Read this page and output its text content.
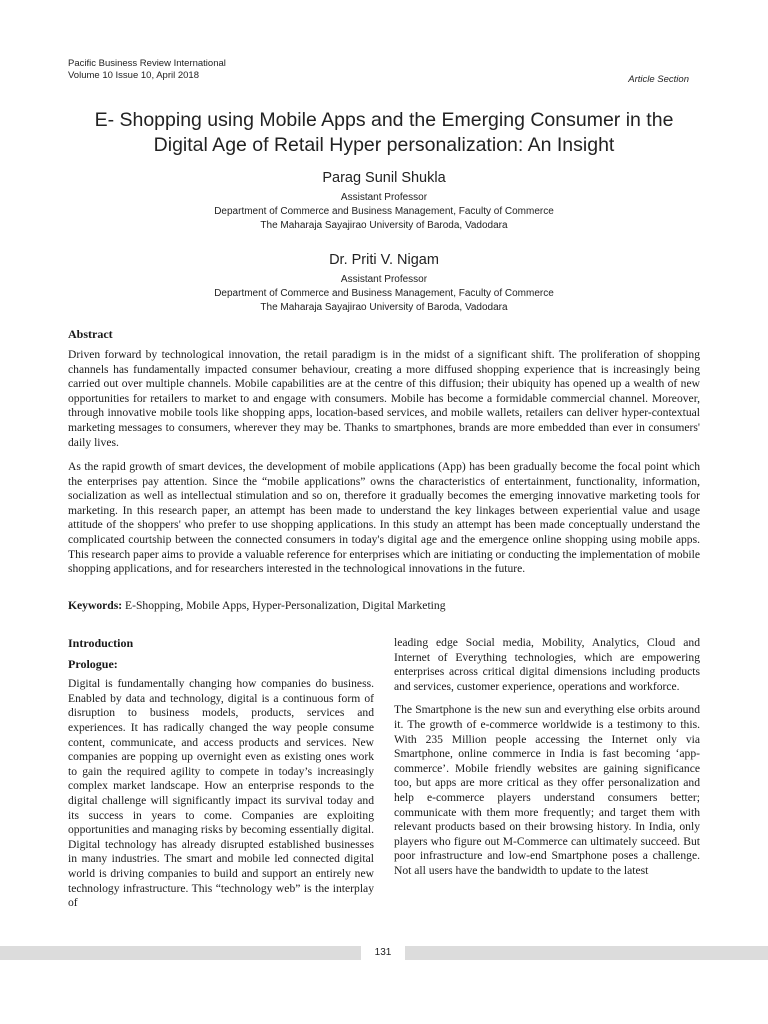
Pacific Business Review International
Volume 10 Issue 10, April 2018	Article Section
E- Shopping using Mobile Apps and the Emerging Consumer in the
Digital Age of Retail Hyper personalization: An Insight
Parag Sunil Shukla
Assistant Professor
Department of Commerce and Business Management, Faculty of Commerce
The Maharaja Sayajirao University of Baroda, Vadodara
Dr. Priti V. Nigam
Assistant Professor
Department of Commerce and Business Management, Faculty of Commerce
The Maharaja Sayajirao University of Baroda, Vadodara
Abstract

Driven forward by technological innovation, the retail paradigm is in the midst of a significant shift. The proliferation of shopping channels has fundamentally impacted consumer behaviour, creating a more diffused shopping experience that is increasingly being carried out over multiple channels. Mobile capabilities are at the centre of this diffusion; their ubiquity has opened up a wealth of new opportunities for retailers to market to and engage with consumers. Mobile has become a formidable commercial channel. Moreover, through innovative mobile tools like shopping apps, location-based services, and mobile wallets, retailers can deliver hyper-contextual marketing messages to consumers, wherever they may be. Thanks to smartphones, brands are more embedded than ever in consumers' daily lives.

As the rapid growth of smart devices, the development of mobile applications (App) has been gradually become the focal point which the enterprises pay attention. Since the “mobile applications” owns the characteristics of entertainment, functionality, information, socialization as well as intellectual stimulation and so on, therefore it gradually becomes the emerging innovative marketing tools for marketing. In this research paper, an attempt has been made to understand the key linkages between experiential value and usage attitude of the shoppers' who prefer to use shopping applications. In this study an attempt has been made conceptually understand the complicated courtship between the connected consumers in today's digital age and the emergence online shopping using mobile apps. This research paper aims to provide a valuable reference for enterprises which are initiating or conducting the implementation of mobile shopping applications, and for researchers interested in the technological innovations in the future.

Keywords: E-Shopping, Mobile Apps, Hyper-Personalization, Digital Marketing

Introduction

Prologue:

Digital is fundamentally changing how companies do business. Enabled by data and technology, digital is a continuous form of disruption to business models, products, services and experiences. It has radically changed the way people consume content, communicate, and access products and services. New companies are popping up overnight even as existing ones work to gain the required agility to compete in today’s increasingly complex market landscape. How an enterprise responds to the digital challenge will significantly impact its survival today and its success in years to come. Companies are exploiting opportunities and managing risks by becoming essentially digital. Digital technology has already disrupted established businesses in many industries. The smart and mobile led connected digital world is driving companies to build and support an entirely new technology infrastructure. This “technology web” is the interplay of

leading edge Social media, Mobility, Analytics, Cloud and Internet of Everything technologies, which are empowering enterprises across critical digital dimensions including products and services, customer experience, operations and workforce.

The Smartphone is the new sun and everything else orbits around it. The growth of e-commerce worldwide is a testimony to this. With 235 Million people accessing the Internet only via Smartphone, online commerce in India is fast becoming ‘app-commerce’. Mobile friendly websites are gaining significance too, but apps are more critical as they offer personalization and help e-commerce players understand consumers better; communicate with them more frequently; and target them with relevant products based on their browsing history. In India, only players who figure out M-Commerce can ultimately succeed. But poor infrastructure and low-end Smartphone poses a challenge. Not all users have the bandwidth to update to the latest

131
